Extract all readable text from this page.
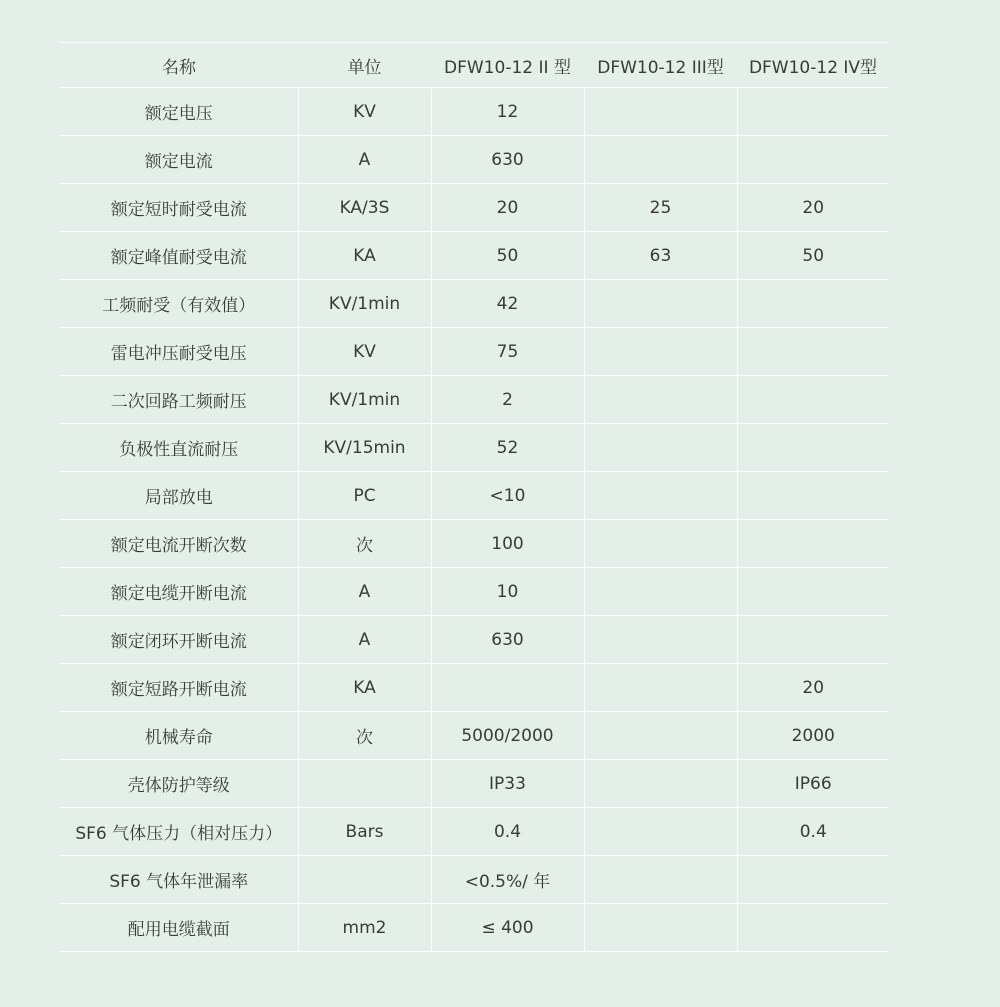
名称	单位	DFW10-12 II 型	DFW10-12 III型	DFW10-12 IV型
额定电压	KV	12		
额定电流	A	630		
额定短时耐受电流	KA/3S	20	25	20
额定峰值耐受电流	KA	50	63	50
工频耐受（有效值）	KV/1min	42		
雷电冲压耐受电压	KV	75		
二次回路工频耐压	KV/1min	2		
负极性直流耐压	KV/15min	52		
局部放电	PC	<10		
额定电流开断次数	次	100		
额定电缆开断电流	A	10		
额定闭环开断电流	A	630		
额定短路开断电流	KA			20
机械寿命	次	5000/2000		2000
壳体防护等级		IP33		IP66
SF6 气体压力（相对压力）	Bars	0.4		0.4
SF6 气体年泄漏率		<0.5%/ 年		
配用电缆截面	mm2	≤ 400		
